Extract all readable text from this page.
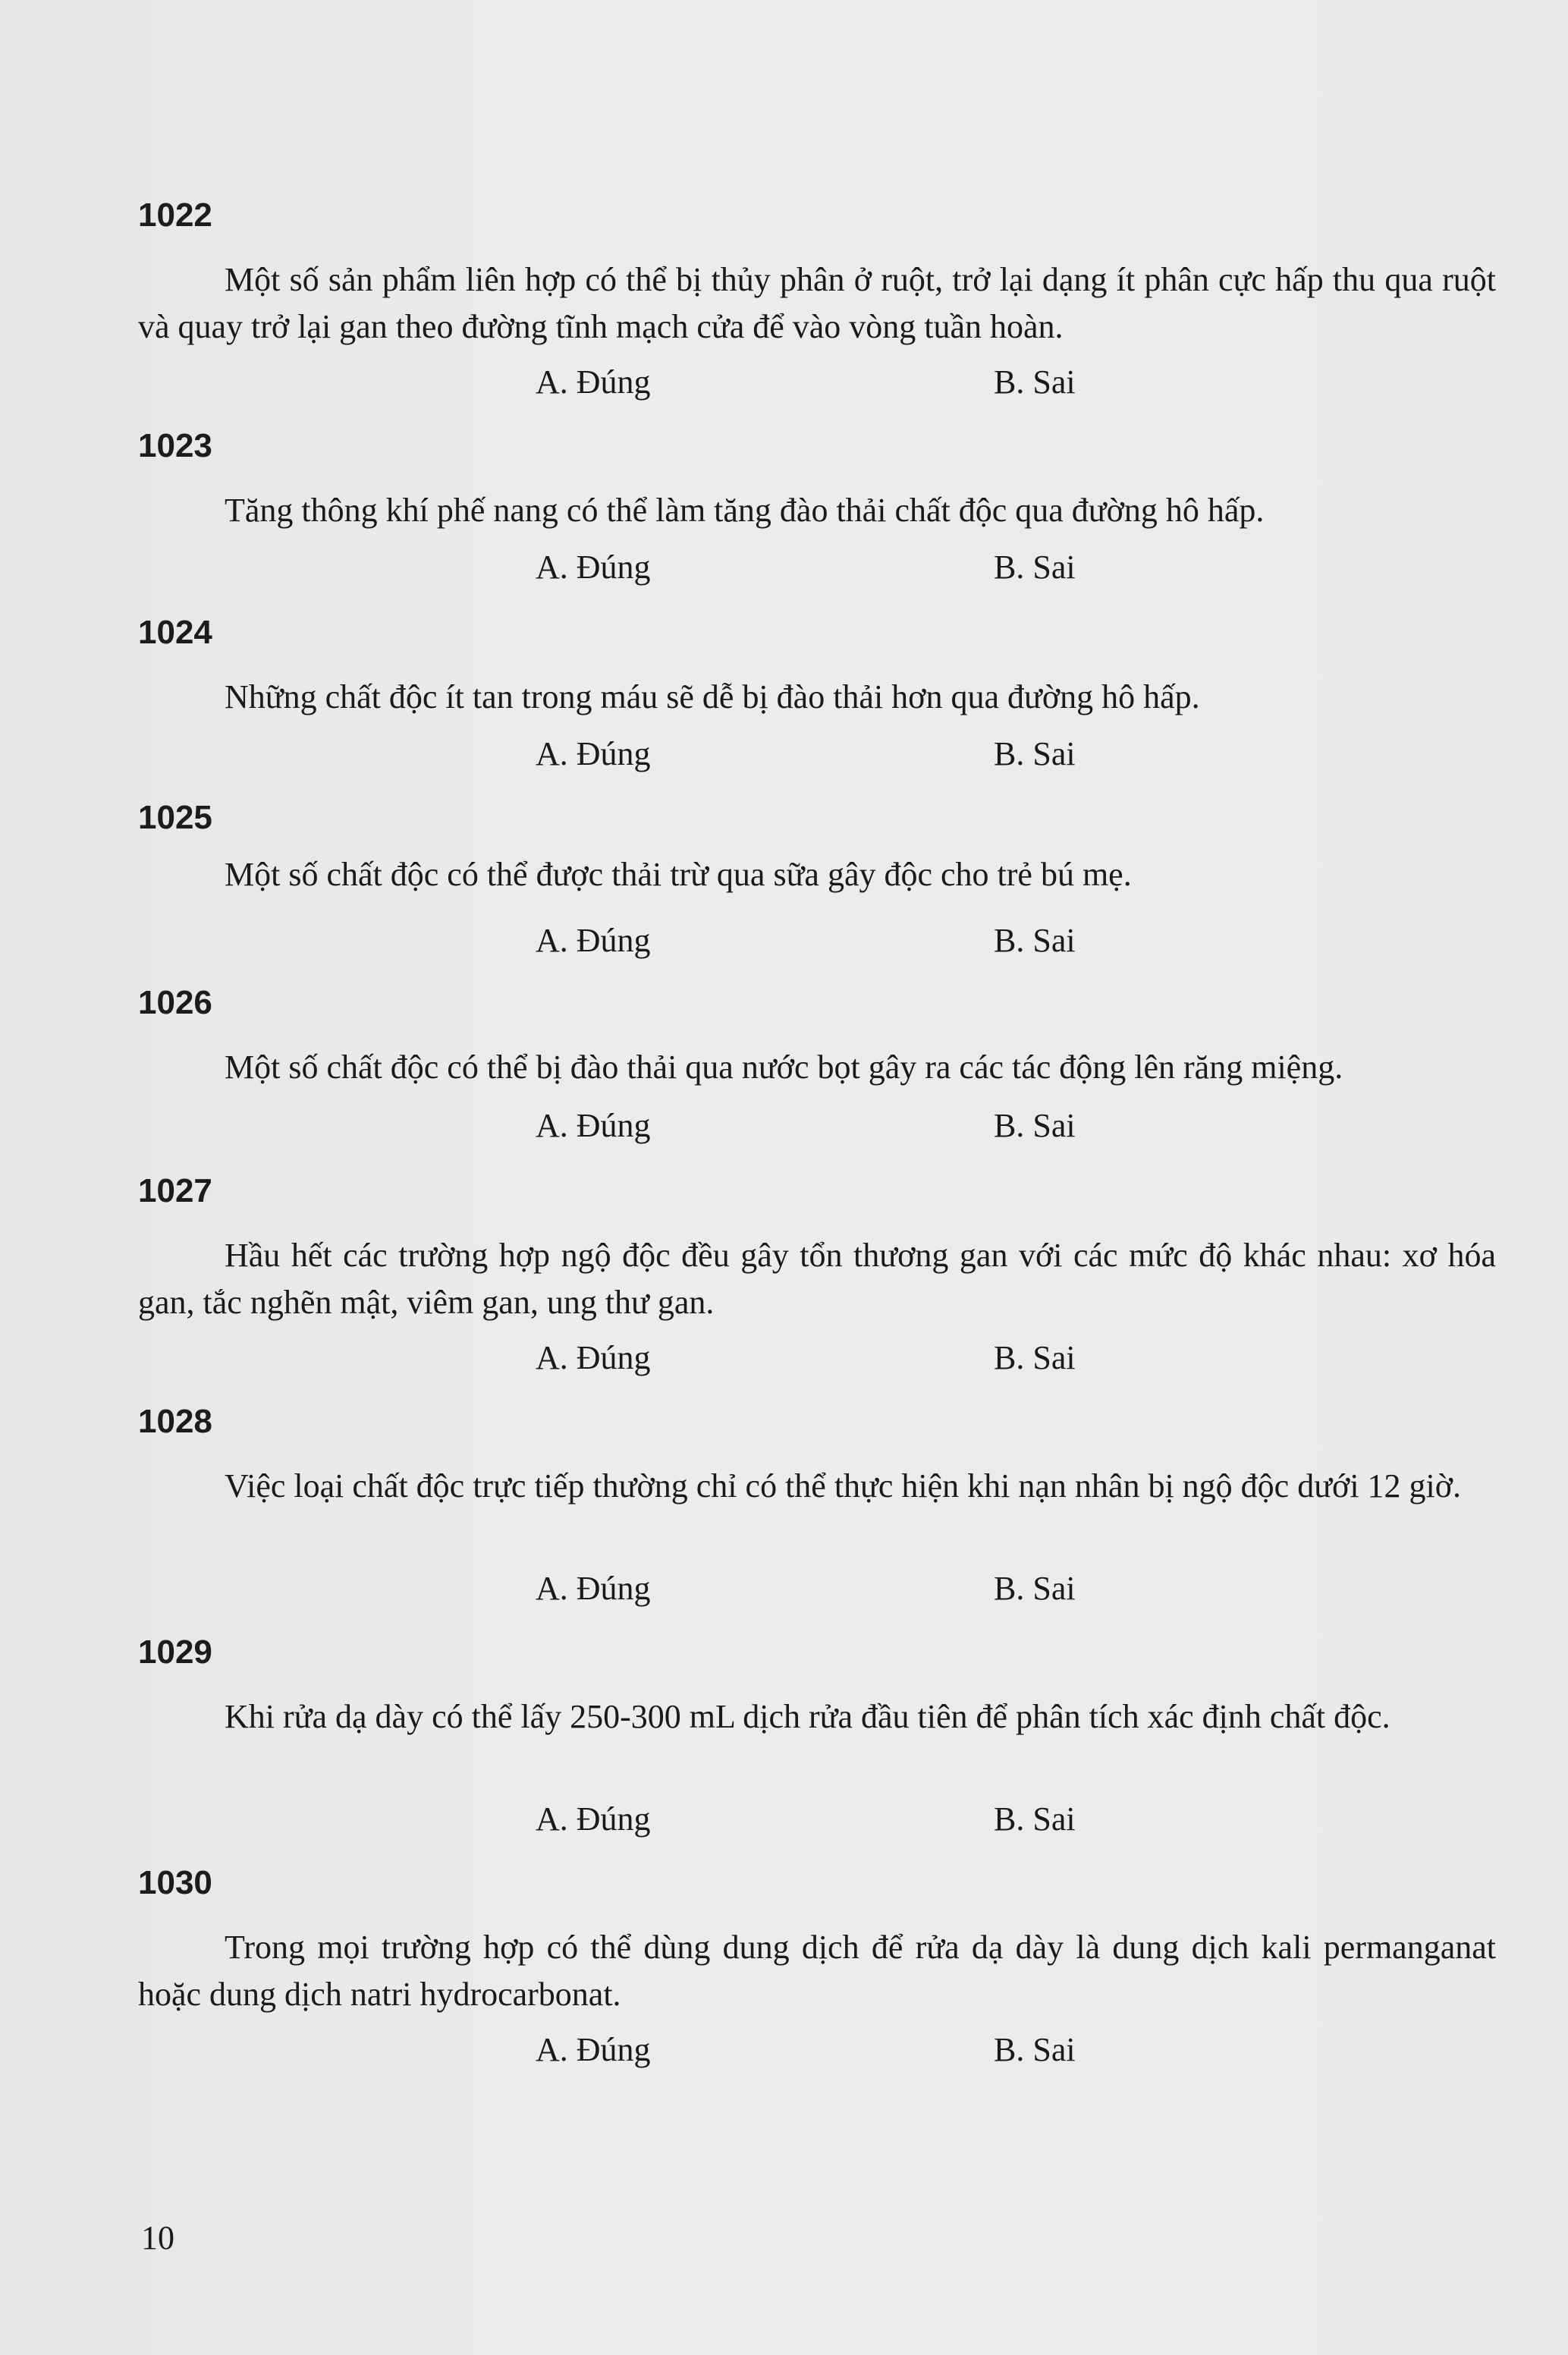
1022

Một số sản phẩm liên hợp có thể bị thủy phân ở ruột, trở lại dạng ít phân cực hấp thu qua ruột và quay trở lại gan theo đường tĩnh mạch cửa để vào vòng tuần hoàn.

A. Đúng	B. Sai
1023

Tăng thông khí phế nang có thể làm tăng đào thải chất độc qua đường hô hấp.

A. Đúng	B. Sai
1024

Những chất độc ít tan trong máu sẽ dễ bị đào thải hơn qua đường hô hấp.

A. Đúng	B. Sai
1025

Một số chất độc có thể được thải trừ qua sữa gây độc cho trẻ bú mẹ.

A. Đúng	B. Sai
1026

Một số chất độc có thể bị đào thải qua nước bọt gây ra các tác động lên răng miệng.

A. Đúng	B. Sai
1027

Hầu hết các trường hợp ngộ độc đều gây tổn thương gan với các mức độ khác nhau: xơ hóa gan, tắc nghẽn mật, viêm gan, ung thư gan.

A. Đúng	B. Sai
1028

Việc loại chất độc trực tiếp thường chỉ có thể thực hiện khi nạn nhân bị ngộ độc dưới 12 giờ.

A. Đúng	B. Sai
1029

Khi rửa dạ dày có thể lấy 250-300 mL dịch rửa đầu tiên để phân tích xác định chất độc.

A. Đúng	B. Sai
1030

Trong mọi trường hợp có thể dùng dung dịch để rửa dạ dày là dung dịch kali permanganat hoặc dung dịch natri hydrocarbonat.

A. Đúng	B. Sai
10
